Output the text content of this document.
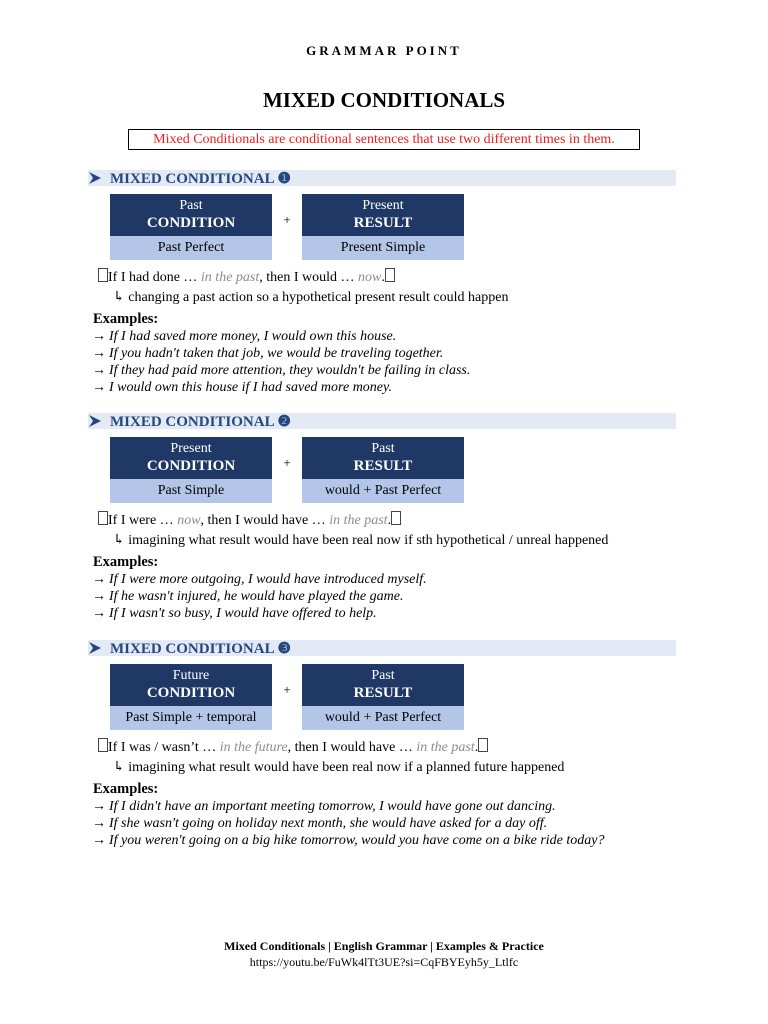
GRAMMAR POINT
MIXED CONDITIONALS
Mixed Conditionals are conditional sentences that use two different times in them.
MIXED CONDITIONAL ❶
Past
CONDITION
Past Perfect
+
Present
RESULT
Present Simple
If I had done … in the past, then I would … now.
↳ changing a past action so a hypothetical present result could happen
Examples:
→ If I had saved more money, I would own this house.
→ If you hadn't taken that job, we would be traveling together.
→ If they had paid more attention, they wouldn't be failing in class.
→ I would own this house if I had saved more money.
MIXED CONDITIONAL ❷
Present
CONDITION
Past Simple
+
Past
RESULT
would + Past Perfect
If I were … now, then I would have … in the past.
↳ imagining what result would have been real now if sth hypothetical / unreal happened
Examples:
→ If I were more outgoing, I would have introduced myself.
→ If he wasn't injured, he would have played the game.
→ If I wasn't so busy, I would have offered to help.
MIXED CONDITIONAL ❸
Future
CONDITION
Past Simple + temporal
+
Past
RESULT
would + Past Perfect
If I was / wasn’t … in the future, then I would have … in the past.
↳ imagining what result would have been real now if a planned future happened
Examples:
→ If I didn't have an important meeting tomorrow, I would have gone out dancing.
→ If she wasn't going on holiday next month, she would have asked for a day off.
→ If you weren't going on a big hike tomorrow, would you have come on a bike ride today?
Mixed Conditionals | English Grammar | Examples & Practice
https://youtu.be/FuWk4lTt3UE?si=CqFBYEyh5y_Ltlfc
